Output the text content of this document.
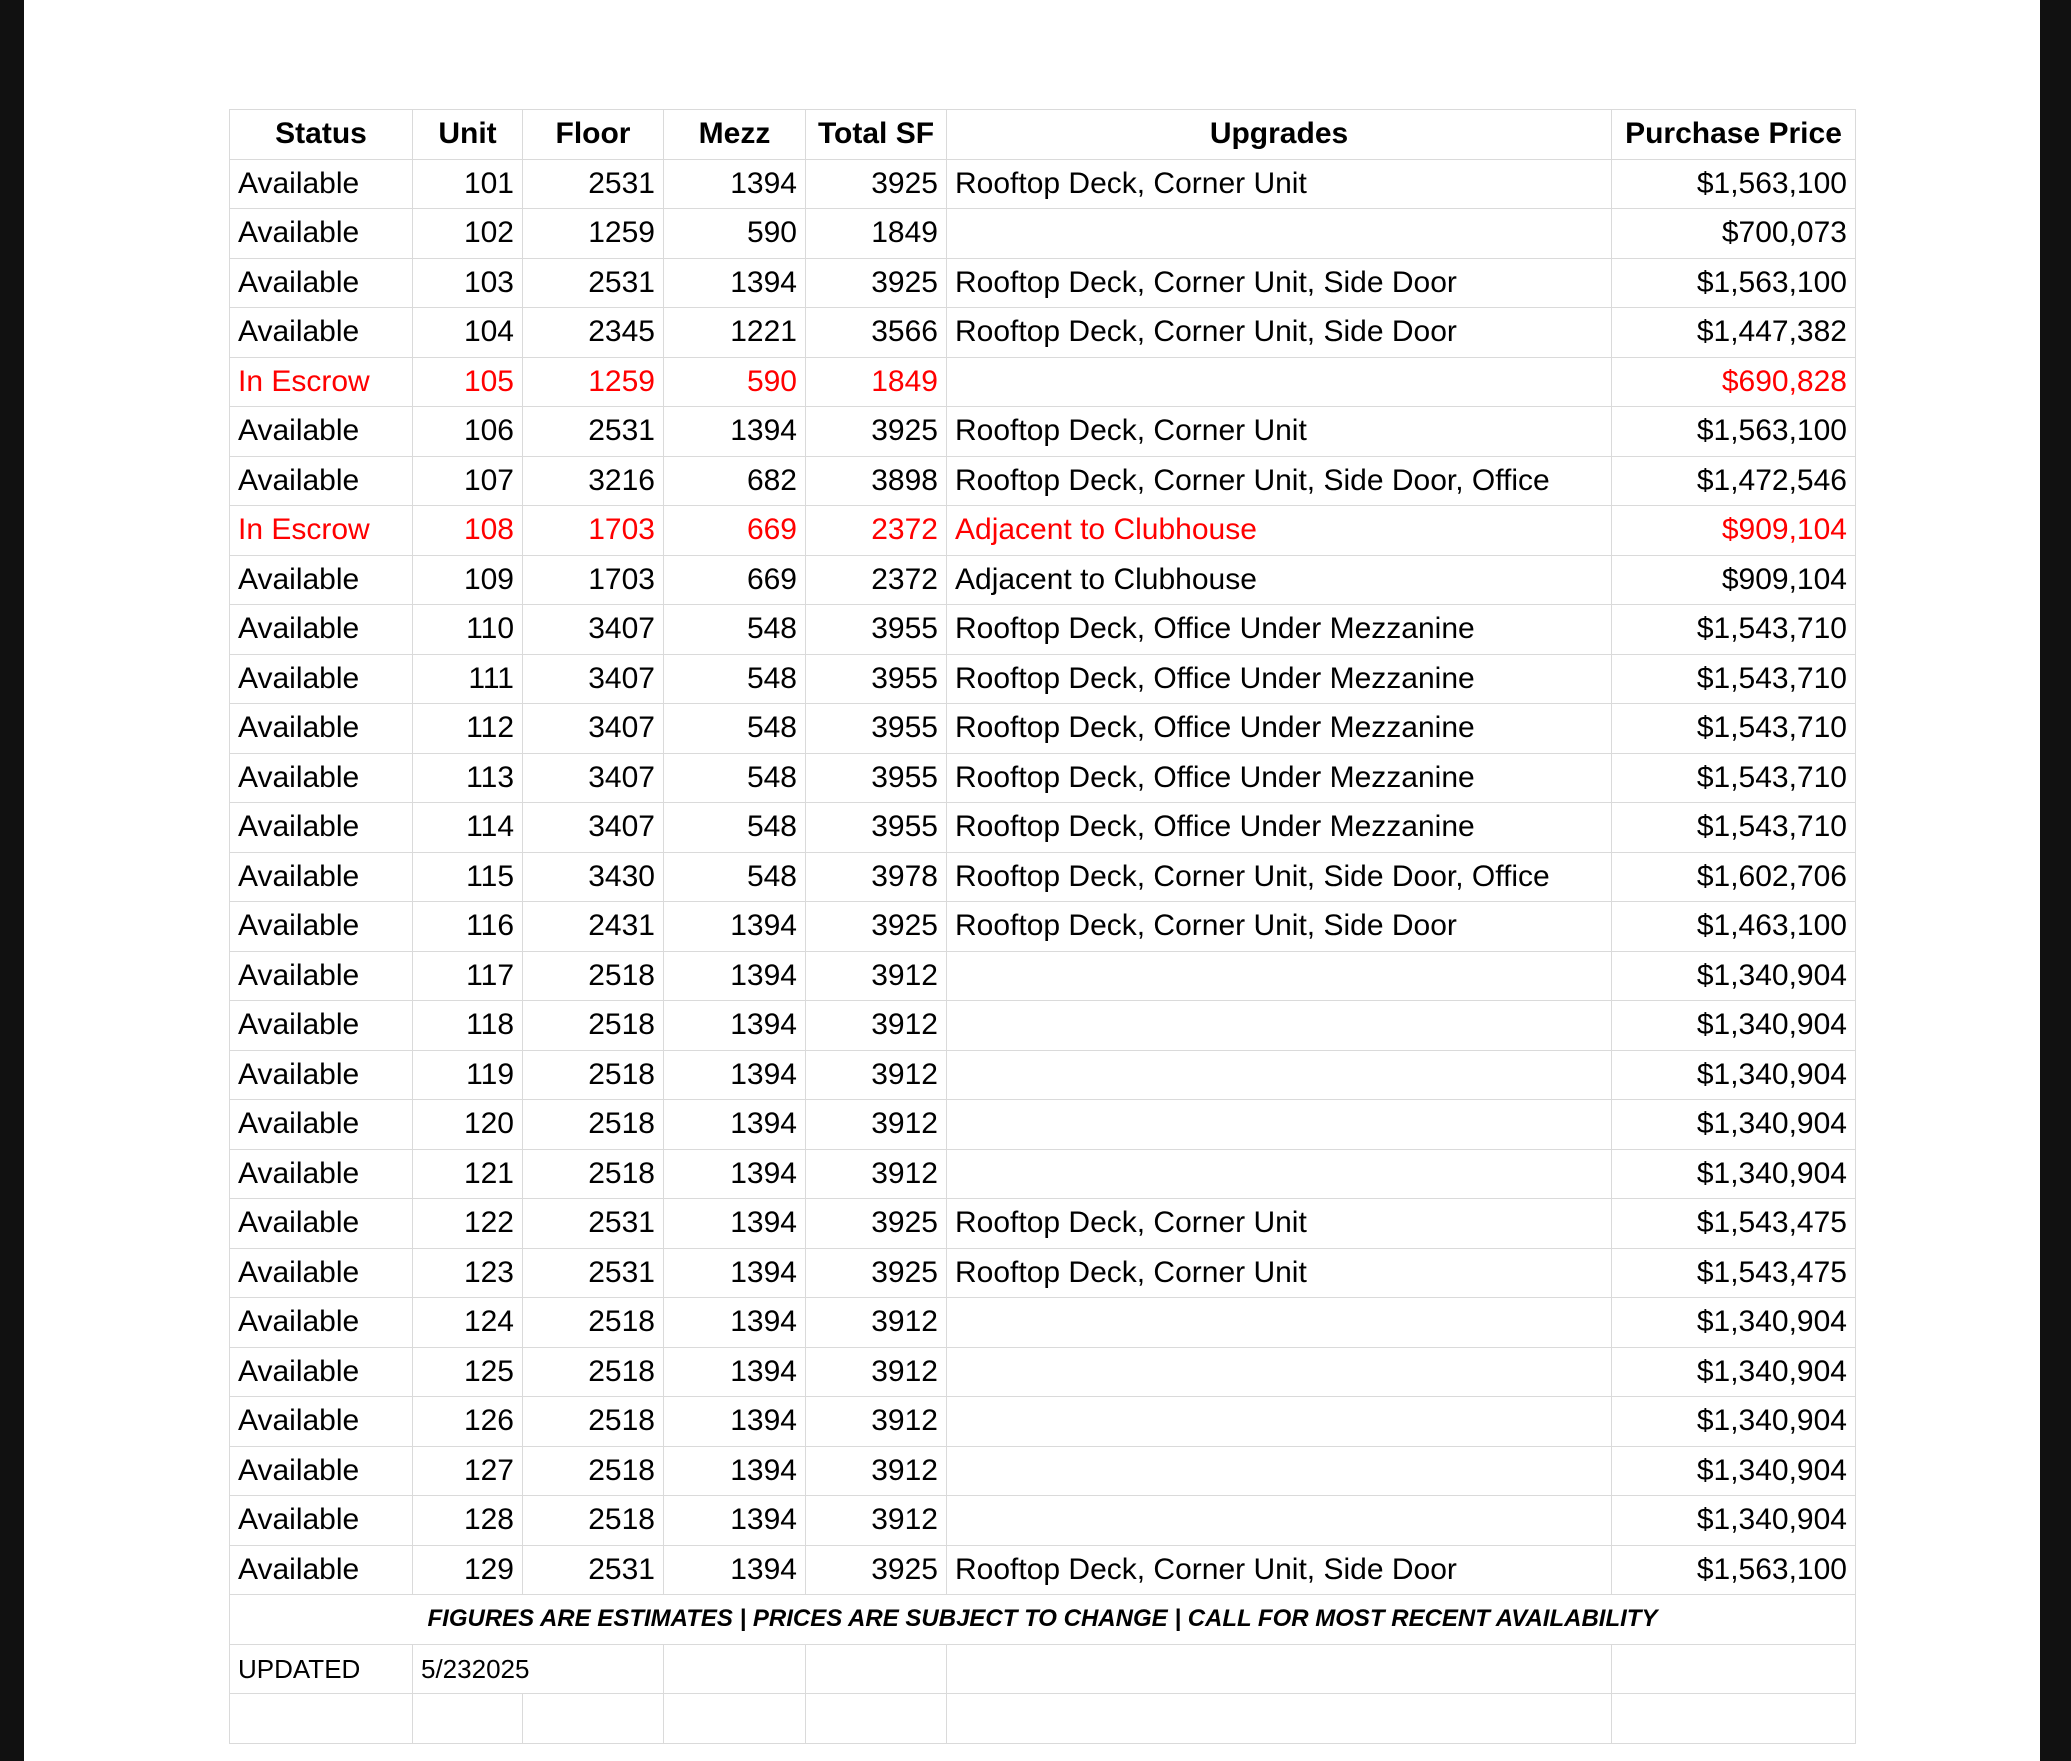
Status	Unit	Floor	Mezz	Total SF	Upgrades	Purchase Price
Available	101	2531	1394	3925	Rooftop Deck, Corner Unit	$1,563,100
Available	102	1259	590	1849		$700,073
Available	103	2531	1394	3925	Rooftop Deck, Corner Unit, Side Door	$1,563,100
Available	104	2345	1221	3566	Rooftop Deck, Corner Unit, Side Door	$1,447,382
In Escrow	105	1259	590	1849		$690,828
Available	106	2531	1394	3925	Rooftop Deck, Corner Unit	$1,563,100
Available	107	3216	682	3898	Rooftop Deck, Corner Unit, Side Door, Office	$1,472,546
In Escrow	108	1703	669	2372	Adjacent to Clubhouse	$909,104
Available	109	1703	669	2372	Adjacent to Clubhouse	$909,104
Available	110	3407	548	3955	Rooftop Deck, Office Under Mezzanine	$1,543,710
Available	111	3407	548	3955	Rooftop Deck, Office Under Mezzanine	$1,543,710
Available	112	3407	548	3955	Rooftop Deck, Office Under Mezzanine	$1,543,710
Available	113	3407	548	3955	Rooftop Deck, Office Under Mezzanine	$1,543,710
Available	114	3407	548	3955	Rooftop Deck, Office Under Mezzanine	$1,543,710
Available	115	3430	548	3978	Rooftop Deck, Corner Unit, Side Door, Office	$1,602,706
Available	116	2431	1394	3925	Rooftop Deck, Corner Unit, Side Door	$1,463,100
Available	117	2518	1394	3912		$1,340,904
Available	118	2518	1394	3912		$1,340,904
Available	119	2518	1394	3912		$1,340,904
Available	120	2518	1394	3912		$1,340,904
Available	121	2518	1394	3912		$1,340,904
Available	122	2531	1394	3925	Rooftop Deck, Corner Unit	$1,543,475
Available	123	2531	1394	3925	Rooftop Deck, Corner Unit	$1,543,475
Available	124	2518	1394	3912		$1,340,904
Available	125	2518	1394	3912		$1,340,904
Available	126	2518	1394	3912		$1,340,904
Available	127	2518	1394	3912		$1,340,904
Available	128	2518	1394	3912		$1,340,904
Available	129	2531	1394	3925	Rooftop Deck, Corner Unit, Side Door	$1,563,100
FIGURES ARE ESTIMATES | PRICES ARE SUBJECT TO CHANGE | CALL FOR MOST RECENT AVAILABILITY						
UPDATED	5/232025					
